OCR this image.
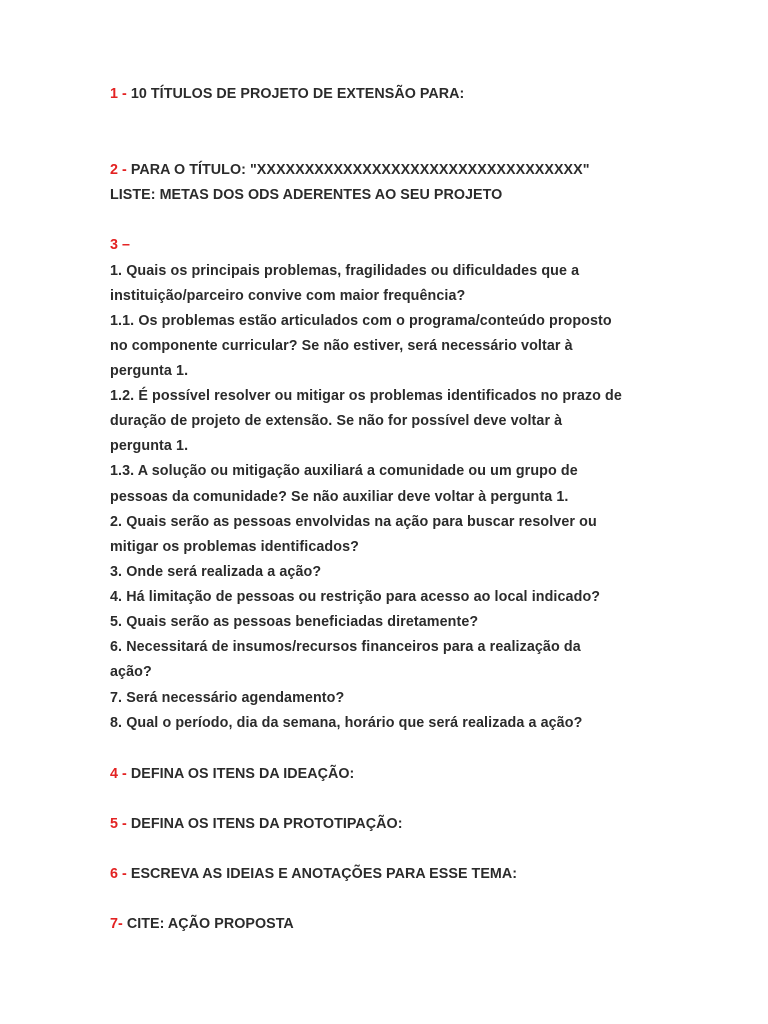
1 - 10 TÍTULOS DE PROJETO DE EXTENSÃO PARA:
2 - PARA O TÍTULO: "XXXXXXXXXXXXXXXXXXXXXXXXXXXXXXXXXX"
LISTE: METAS DOS ODS ADERENTES AO SEU PROJETO
3 –
1. Quais os principais problemas, fragilidades ou dificuldades que a
instituição/parceiro convive com maior frequência?
1.1. Os problemas estão articulados com o programa/conteúdo proposto
no componente curricular? Se não estiver, será necessário voltar à
pergunta 1.
1.2. É possível resolver ou mitigar os problemas identificados no prazo de
duração de projeto de extensão. Se não for possível deve voltar à
pergunta 1.
1.3. A solução ou mitigação auxiliará a comunidade ou um grupo de
pessoas da comunidade? Se não auxiliar deve voltar à pergunta 1.
2. Quais serão as pessoas envolvidas na ação para buscar resolver ou
mitigar os problemas identificados?
3. Onde será realizada a ação?
4. Há limitação de pessoas ou restrição para acesso ao local indicado?
5. Quais serão as pessoas beneficiadas diretamente?
6. Necessitará de insumos/recursos financeiros para a realização da
ação?
7. Será necessário agendamento?
8. Qual o período, dia da semana, horário que será realizada a ação?
4 - DEFINA OS ITENS DA IDEAÇÃO:
5 - DEFINA OS ITENS DA PROTOTIPAÇÃO:
6 - ESCREVA AS IDEIAS E ANOTAÇÕES PARA ESSE TEMA:
7- CITE: AÇÃO PROPOSTA
